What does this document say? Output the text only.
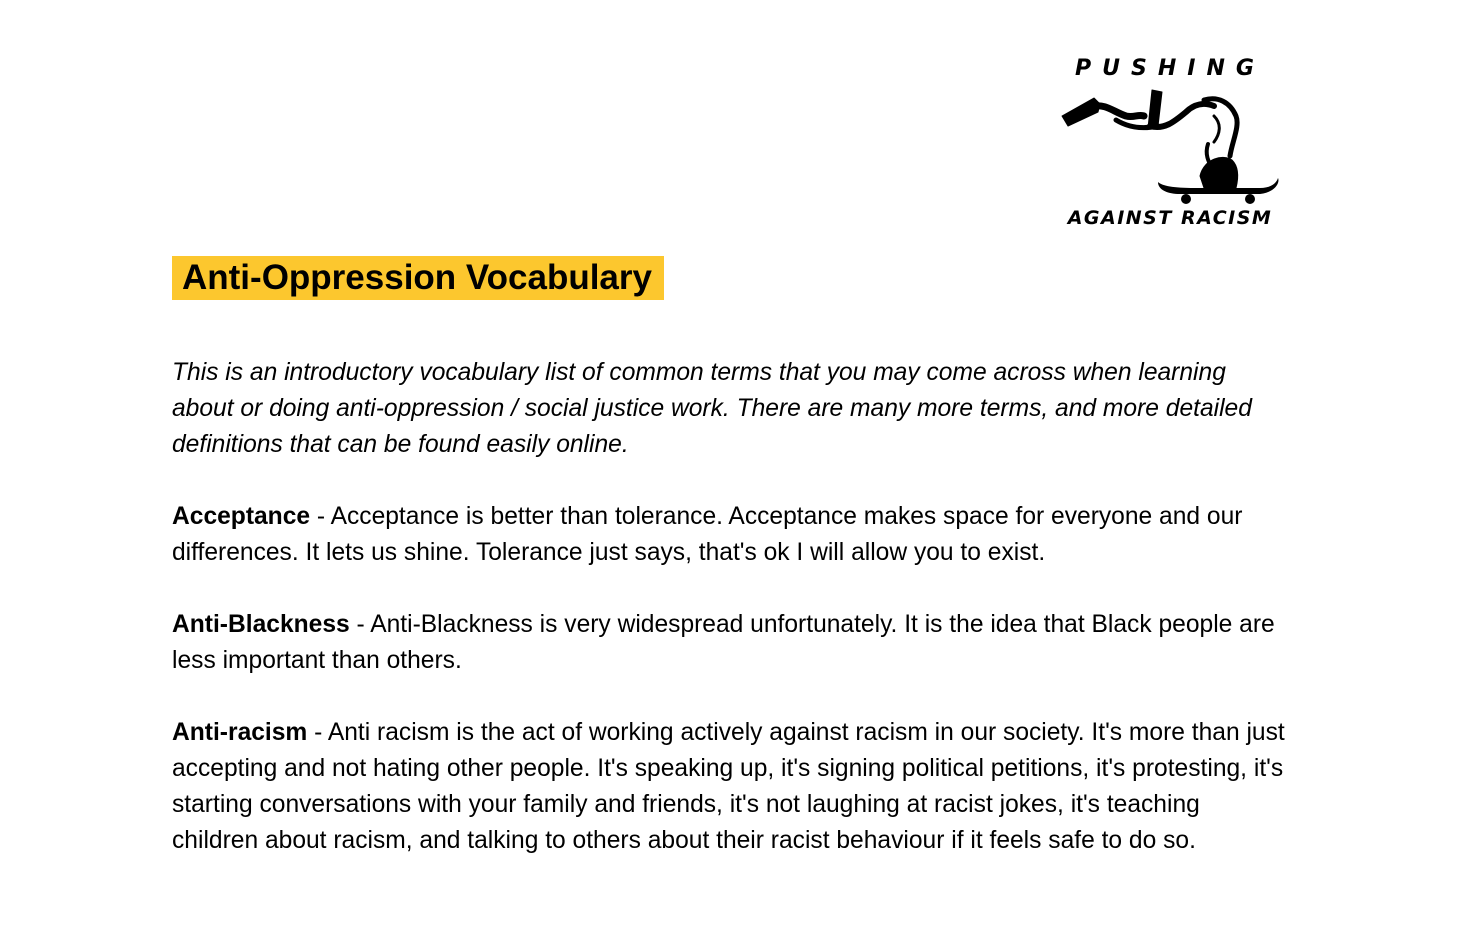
PUSHING
AGAINST RACISM
Anti-Oppression Vocabulary

This is an introductory vocabulary list of common terms that you may come across when learning about or doing anti-oppression / social justice work. There are many more terms, and more detailed definitions that can be found easily online.

Acceptance - Acceptance is better than tolerance. Acceptance makes space for everyone and our differences. It lets us shine. Tolerance just says, that's ok I will allow you to exist.

Anti-Blackness - Anti-Blackness is very widespread unfortunately. It is the idea that Black people are less important than others.

Anti-racism - Anti racism is the act of working actively against racism in our society. It's more than just accepting and not hating other people. It's speaking up, it's signing political petitions, it's protesting, it's starting conversations with your family and friends, it's not laughing at racist jokes, it's teaching children about racism, and talking to others about their racist behaviour if it feels safe to do so.
